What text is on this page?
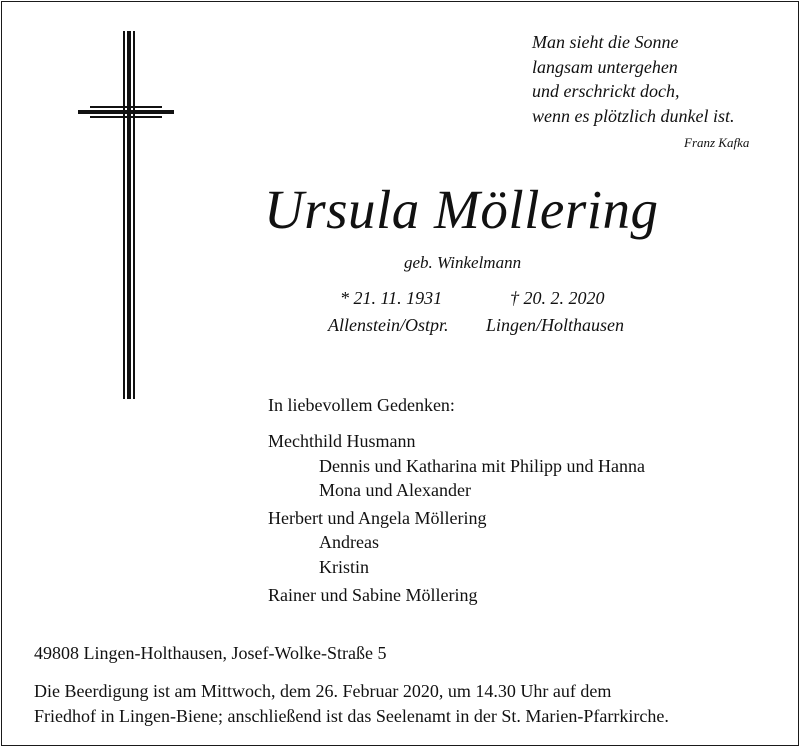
Man sieht die Sonne
langsam untergehen
und erschrickt doch,
wenn es plötzlich dunkel ist.
Franz Kafka
Ursula Möllering
geb. Winkelmann
* 21. 11. 1931	† 20. 2. 2020
Allenstein/Ostpr. Lingen/Holthausen
In liebevollem Gedenken:
Mechthild Husmann
Dennis und Katharina mit Philipp und Hanna
Mona und Alexander
Herbert und Angela Möllering
Andreas
Kristin
Rainer und Sabine Möllering
49808 Lingen-Holthausen, Josef-Wolke-Straße 5
Die Beerdigung ist am Mittwoch, dem 26. Februar 2020, um 14.30 Uhr auf dem
Friedhof in Lingen-Biene; anschließend ist das Seelenamt in der St. Marien-Pfarrkirche.
